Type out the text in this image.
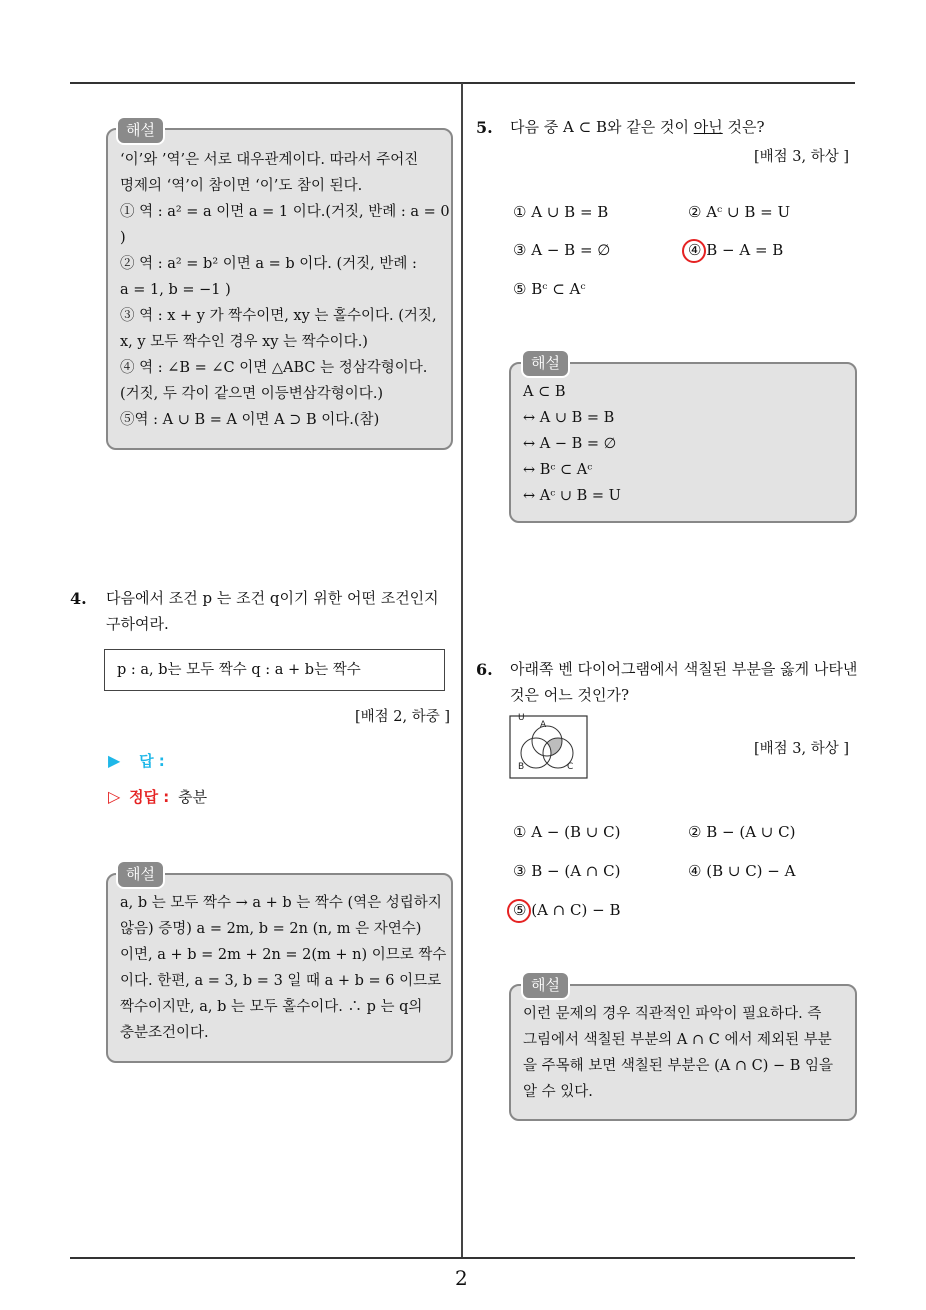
2
‘이’와 ’역’은 서로 대우관계이다. 따라서 주어진
명제의 ‘역’이 참이면 ‘이’도 참이 된다.
① 역 : a² = a 이면 a = 1 이다.(거짓, 반례 : a = 0
)
② 역 : a² = b² 이면 a = b 이다. (거짓, 반례 :
a = 1, b = −1 )
③ 역 : x + y 가 짝수이면, xy 는 홀수이다. (거짓,
x, y 모두 짝수인 경우 xy 는 짝수이다.)
④ 역 : ∠B = ∠C 이면 △ABC 는 정삼각형이다.
(거짓, 두 각이 같으면 이등변삼각형이다.)
⑤역 : A ∪ B = A 이면 A ⊃ B 이다.(참)
해설
4. 다음에서 조건 p 는 조건 q이기 위한 어떤 조건인지
구하여라.
p : a, b는 모두 짝수 q : a + b는 짝수
[배점 2, 하중 ]
▶ 답 :
▷ 정답 : 충분
a, b 는 모두 짝수 → a + b 는 짝수 (역은 성립하지
않음) 증명) a = 2m, b = 2n (n, m 은 자연수)
이면, a + b = 2m + 2n = 2(m + n) 이므로 짝수
이다. 한편, a = 3, b = 3 일 때 a + b = 6 이므로
짝수이지만, a, b 는 모두 홀수이다. ∴ p 는 q의
충분조건이다.
해설
5. 다음 중 A ⊂ B와 같은 것이 아닌 것은?
[배점 3, 하상 ]
① A ∪ B = B	② Aᶜ ∪ B = U
③ A − B = ∅	④ B − A = B
⑤ Bᶜ ⊂ Aᶜ
A ⊂ B
↔ A ∪ B = B
↔ A − B = ∅
↔ Bᶜ ⊂ Aᶜ
↔ Aᶜ ∪ B = U
해설
6. 아래쪽 벤 다이어그램에서 색칠된 부분을 옳게 나타낸
것은 어느 것인가?
U
A
B	C
[배점 3, 하상 ]
① A − (B ∪ C)	② B − (A ∪ C)
③ B − (A ∩ C)	④ (B ∪ C) − A
⑤ (A ∩ C) − B
이런 문제의 경우 직관적인 파악이 필요하다. 즉
그림에서 색칠된 부분의 A ∩ C 에서 제외된 부분
을 주목해 보면 색칠된 부분은 (A ∩ C) − B 임을
알 수 있다.
해설
